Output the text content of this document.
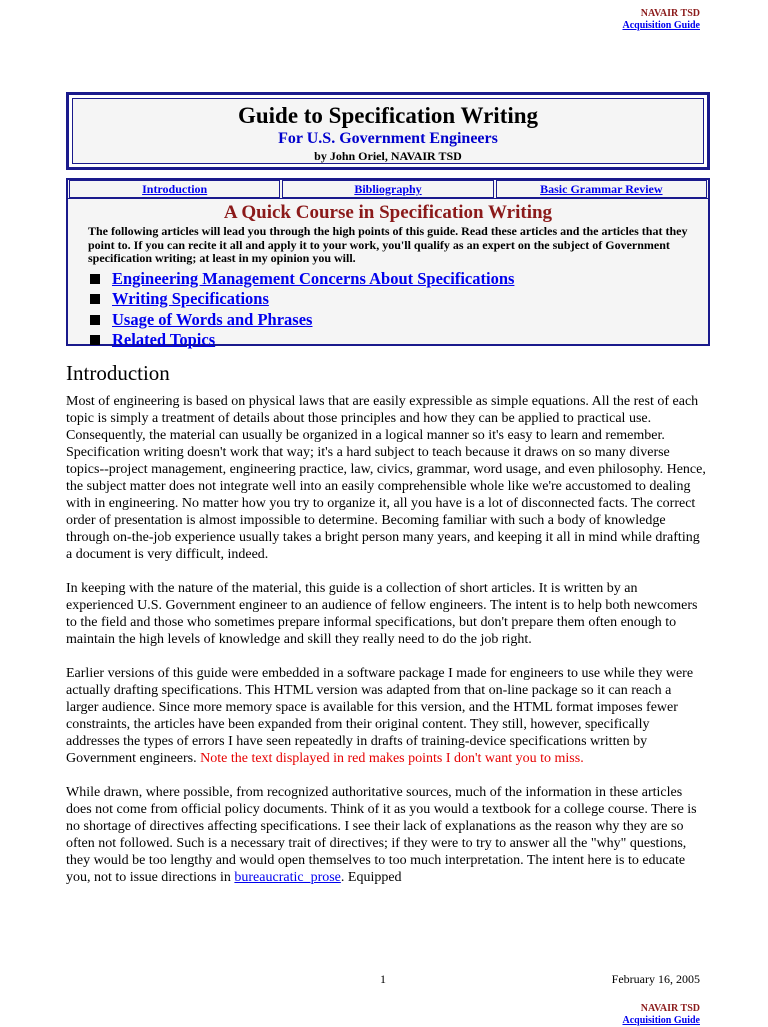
NAVAIR TSD
Acquisition Guide
Guide to Specification Writing
For U.S. Government Engineers
by John Oriel, NAVAIR TSD
Introduction	Bibliography	Basic Grammar Review
A Quick Course in Specification Writing
The following articles will lead you through the high points of this guide. Read these articles and the articles that they point to. If you can recite it all and apply it to your work, you'll qualify as an expert on the subject of Government specification writing; at least in my opinion you will.
Engineering Management Concerns About Specifications
Writing Specifications
Usage of Words and Phrases
Related Topics
Introduction

Most of engineering is based on physical laws that are easily expressible as simple equations. All the rest of each topic is simply a treatment of details about those principles and how they can be applied to practical use. Consequently, the material can usually be organized in a logical manner so it's easy to learn and remember. Specification writing doesn't work that way; it's a hard subject to teach because it draws on so many diverse topics--project management, engineering practice, law, civics, grammar, word usage, and even philosophy. Hence, the subject matter does not integrate well into an easily comprehensible whole like we're accustomed to dealing with in engineering. No matter how you try to organize it, all you have is a lot of disconnected facts. The correct order of presentation is almost impossible to determine. Becoming familiar with such a body of knowledge through on-the-job experience usually takes a bright person many years, and keeping it all in mind while drafting a document is very difficult, indeed.

In keeping with the nature of the material, this guide is a collection of short articles. It is written by an experienced U.S. Government engineer to an audience of fellow engineers. The intent is to help both newcomers to the field and those who sometimes prepare informal specifications, but don't prepare them often enough to maintain the high levels of knowledge and skill they really need to do the job right.

Earlier versions of this guide were embedded in a software package I made for engineers to use while they were actually drafting specifications. This HTML version was adapted from that on-line package so it can reach a larger audience. Since more memory space is available for this version, and the HTML format imposes fewer constraints, the articles have been expanded from their original content. They still, however, specifically addresses the types of errors I have seen repeatedly in drafts of training-device specifications written by Government engineers. Note the text displayed in red makes points I don't want you to miss.

While drawn, where possible, from recognized authoritative sources, much of the information in these articles does not come from official policy documents. Think of it as you would a textbook for a college course. There is no shortage of directives affecting specifications. I see their lack of explanations as the reason why they are so often not followed. Such is a necessary trait of directives; if they were to try to answer all the "why" questions, they would be too lengthy and would open themselves to too much interpretation. The intent here is to educate you, not to issue directions in bureaucratic_prose. Equipped

1	February 16, 2005
NAVAIR TSD
Acquisition Guide
